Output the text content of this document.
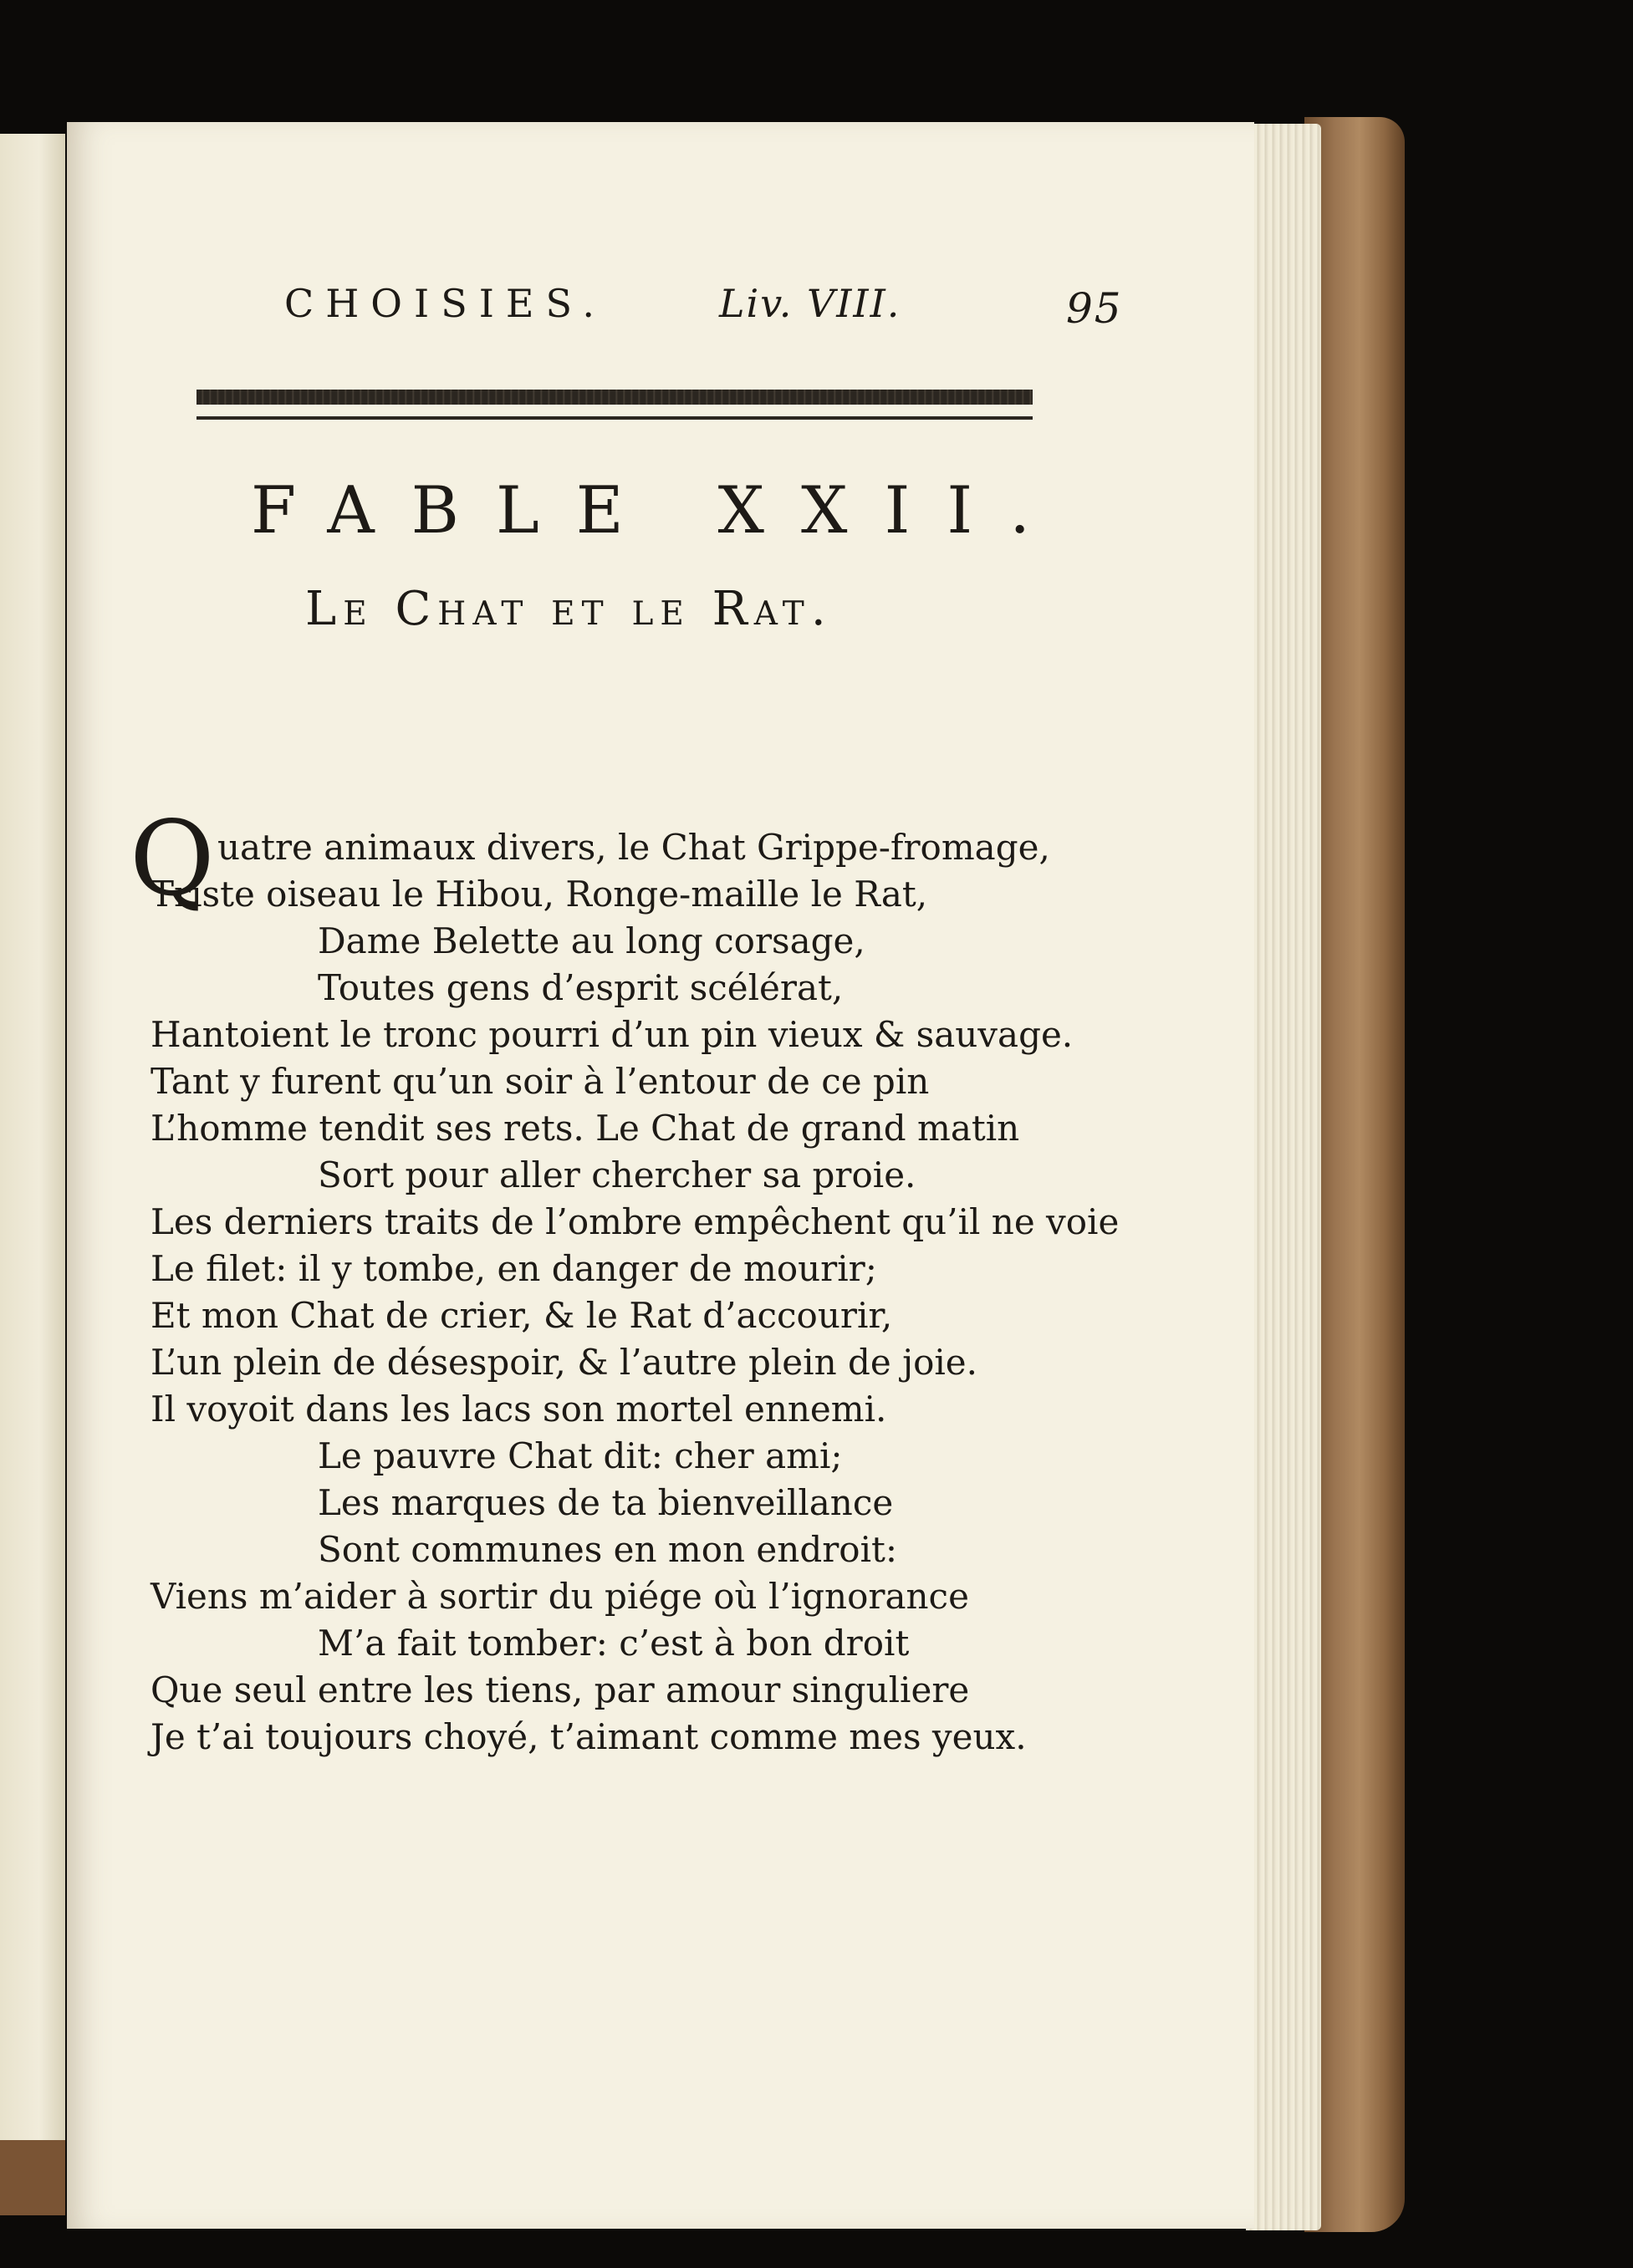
CHOISIES.	Liv. VIII.	95
FABLE XXII.
Le Chat et le Rat.
Q uatre animaux divers, le Chat Grippe-fromage,
Triste oiseau le Hibou, Ronge-maille le Rat,
Dame Belette au long corsage,
Toutes gens d’esprit scélérat,
Hantoient le tronc pourri d’un pin vieux & sauvage.
Tant y furent qu’un soir à l’entour de ce pin
L’homme tendit ses rets. Le Chat de grand matin
Sort pour aller chercher sa proie.
Les derniers traits de l’ombre empêchent qu’il ne voie
Le filet: il y tombe, en danger de mourir;
Et mon Chat de crier, & le Rat d’accourir,
L’un plein de désespoir, & l’autre plein de joie.
Il voyoit dans les lacs son mortel ennemi.
Le pauvre Chat dit: cher ami;
Les marques de ta bienveillance
Sont communes en mon endroit:
Viens m’aider à sortir du piége où l’ignorance
M’a fait tomber: c’est à bon droit
Que seul entre les tiens, par amour singuliere
Je t’ai toujours choyé, t’aimant comme mes yeux.
